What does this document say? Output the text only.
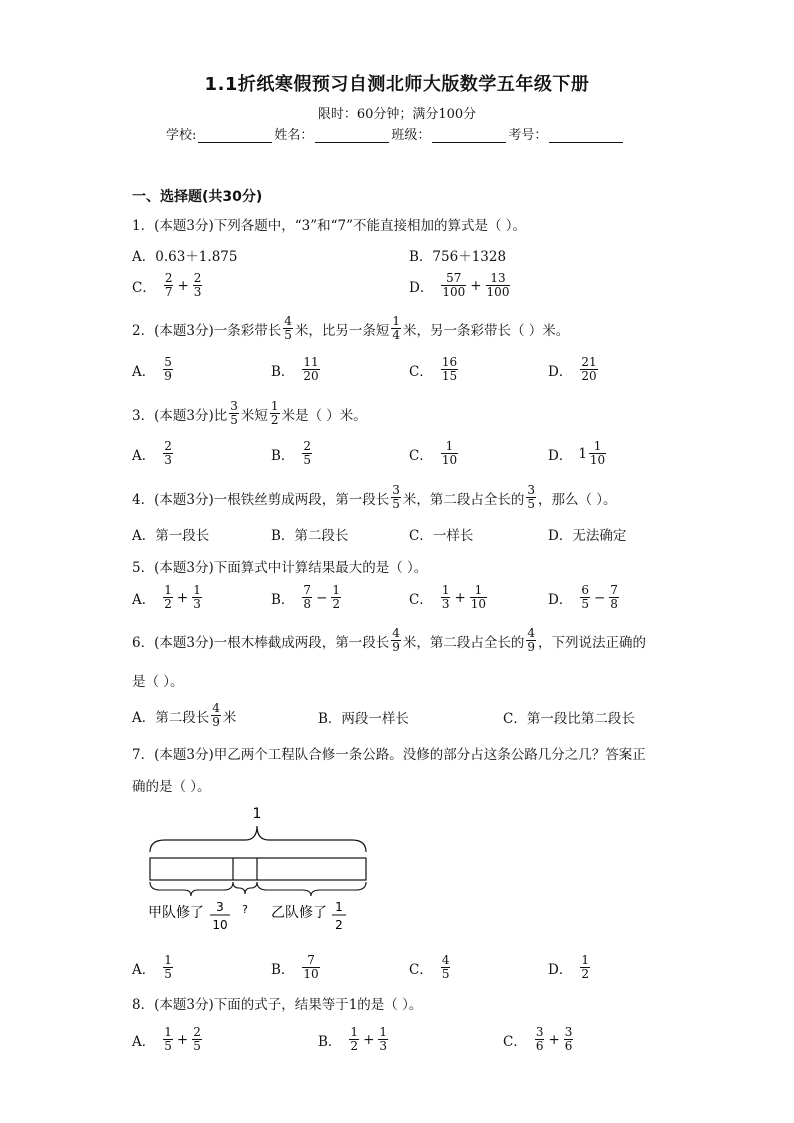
1.1折纸寒假预习自测北师大版数学五年级下册
限时：60分钟；满分100分
学校:	姓名：	班级：	考号：
一、选择题(共30分)
1．(本题3分)下列各题中，“3”和“7”不能直接相加的算式是（ ）。
A． 0.63＋1.875	B． 756＋1328
C． $\frac{2}{7} + \frac{2}{3}$	D． $\frac{57}{100} + \frac{13}{100}$
2．(本题3分)一条彩带长 $\frac{4}{5}$ 米，比另一条短 $\frac{1}{4}$ 米，另一条彩带长（ ）米。
A． $\frac{5}{9}$	B． $\frac{11}{20}$	C． $\frac{16}{15}$	D． $\frac{21}{20}$
3．(本题3分)比 $\frac{3}{5}$ 米短 $\frac{1}{2}$ 米是（ ）米。
A． $\frac{2}{3}$	B． $\frac{2}{5}$	C． $\frac{1}{10}$	D． $1 \frac{1}{10}$
4．(本题3分)一根铁丝剪成两段，第一段长 $\frac{3}{5}$ 米，第二段占全长的 $\frac{3}{5}$ ，那么（ ）。
A．第一段长	B．第二段长	C．一样长	D．无法确定
5．(本题3分)下面算式中计算结果最大的是（ ）。
A． $\frac{1}{2} + \frac{1}{3}$	B． $\frac{7}{8} - \frac{1}{2}$	C． $\frac{1}{3} + \frac{1}{10}$	D． $\frac{6}{5} - \frac{7}{8}$
6．(本题3分)一根木棒截成两段，第一段长 $\frac{4}{9}$ 米，第二段占全长的 $\frac{4}{9}$ ，下列说法正确的
是（ ）。
A． 第二段长 $\frac{4}{9}$ 米	B． 两段一样长	C． 第一段比第二段长
7．(本题3分)甲乙两个工程队合修一条公路。没修的部分占这条公路几分之几？答案正
确的是（ ）。
1
?
甲队修了 3
10
乙队修了 1
2
A． $\frac{1}{5}$	B． $\frac{7}{10}$	C． $\frac{4}{5}$	D． $\frac{1}{2}$
8．(本题3分)下面的式子，结果等于1的是（ ）。
A． $\frac{1}{5} + \frac{2}{5}$	B． $\frac{1}{2} + \frac{1}{3}$	C． $\frac{3}{6} + \frac{3}{6}$
